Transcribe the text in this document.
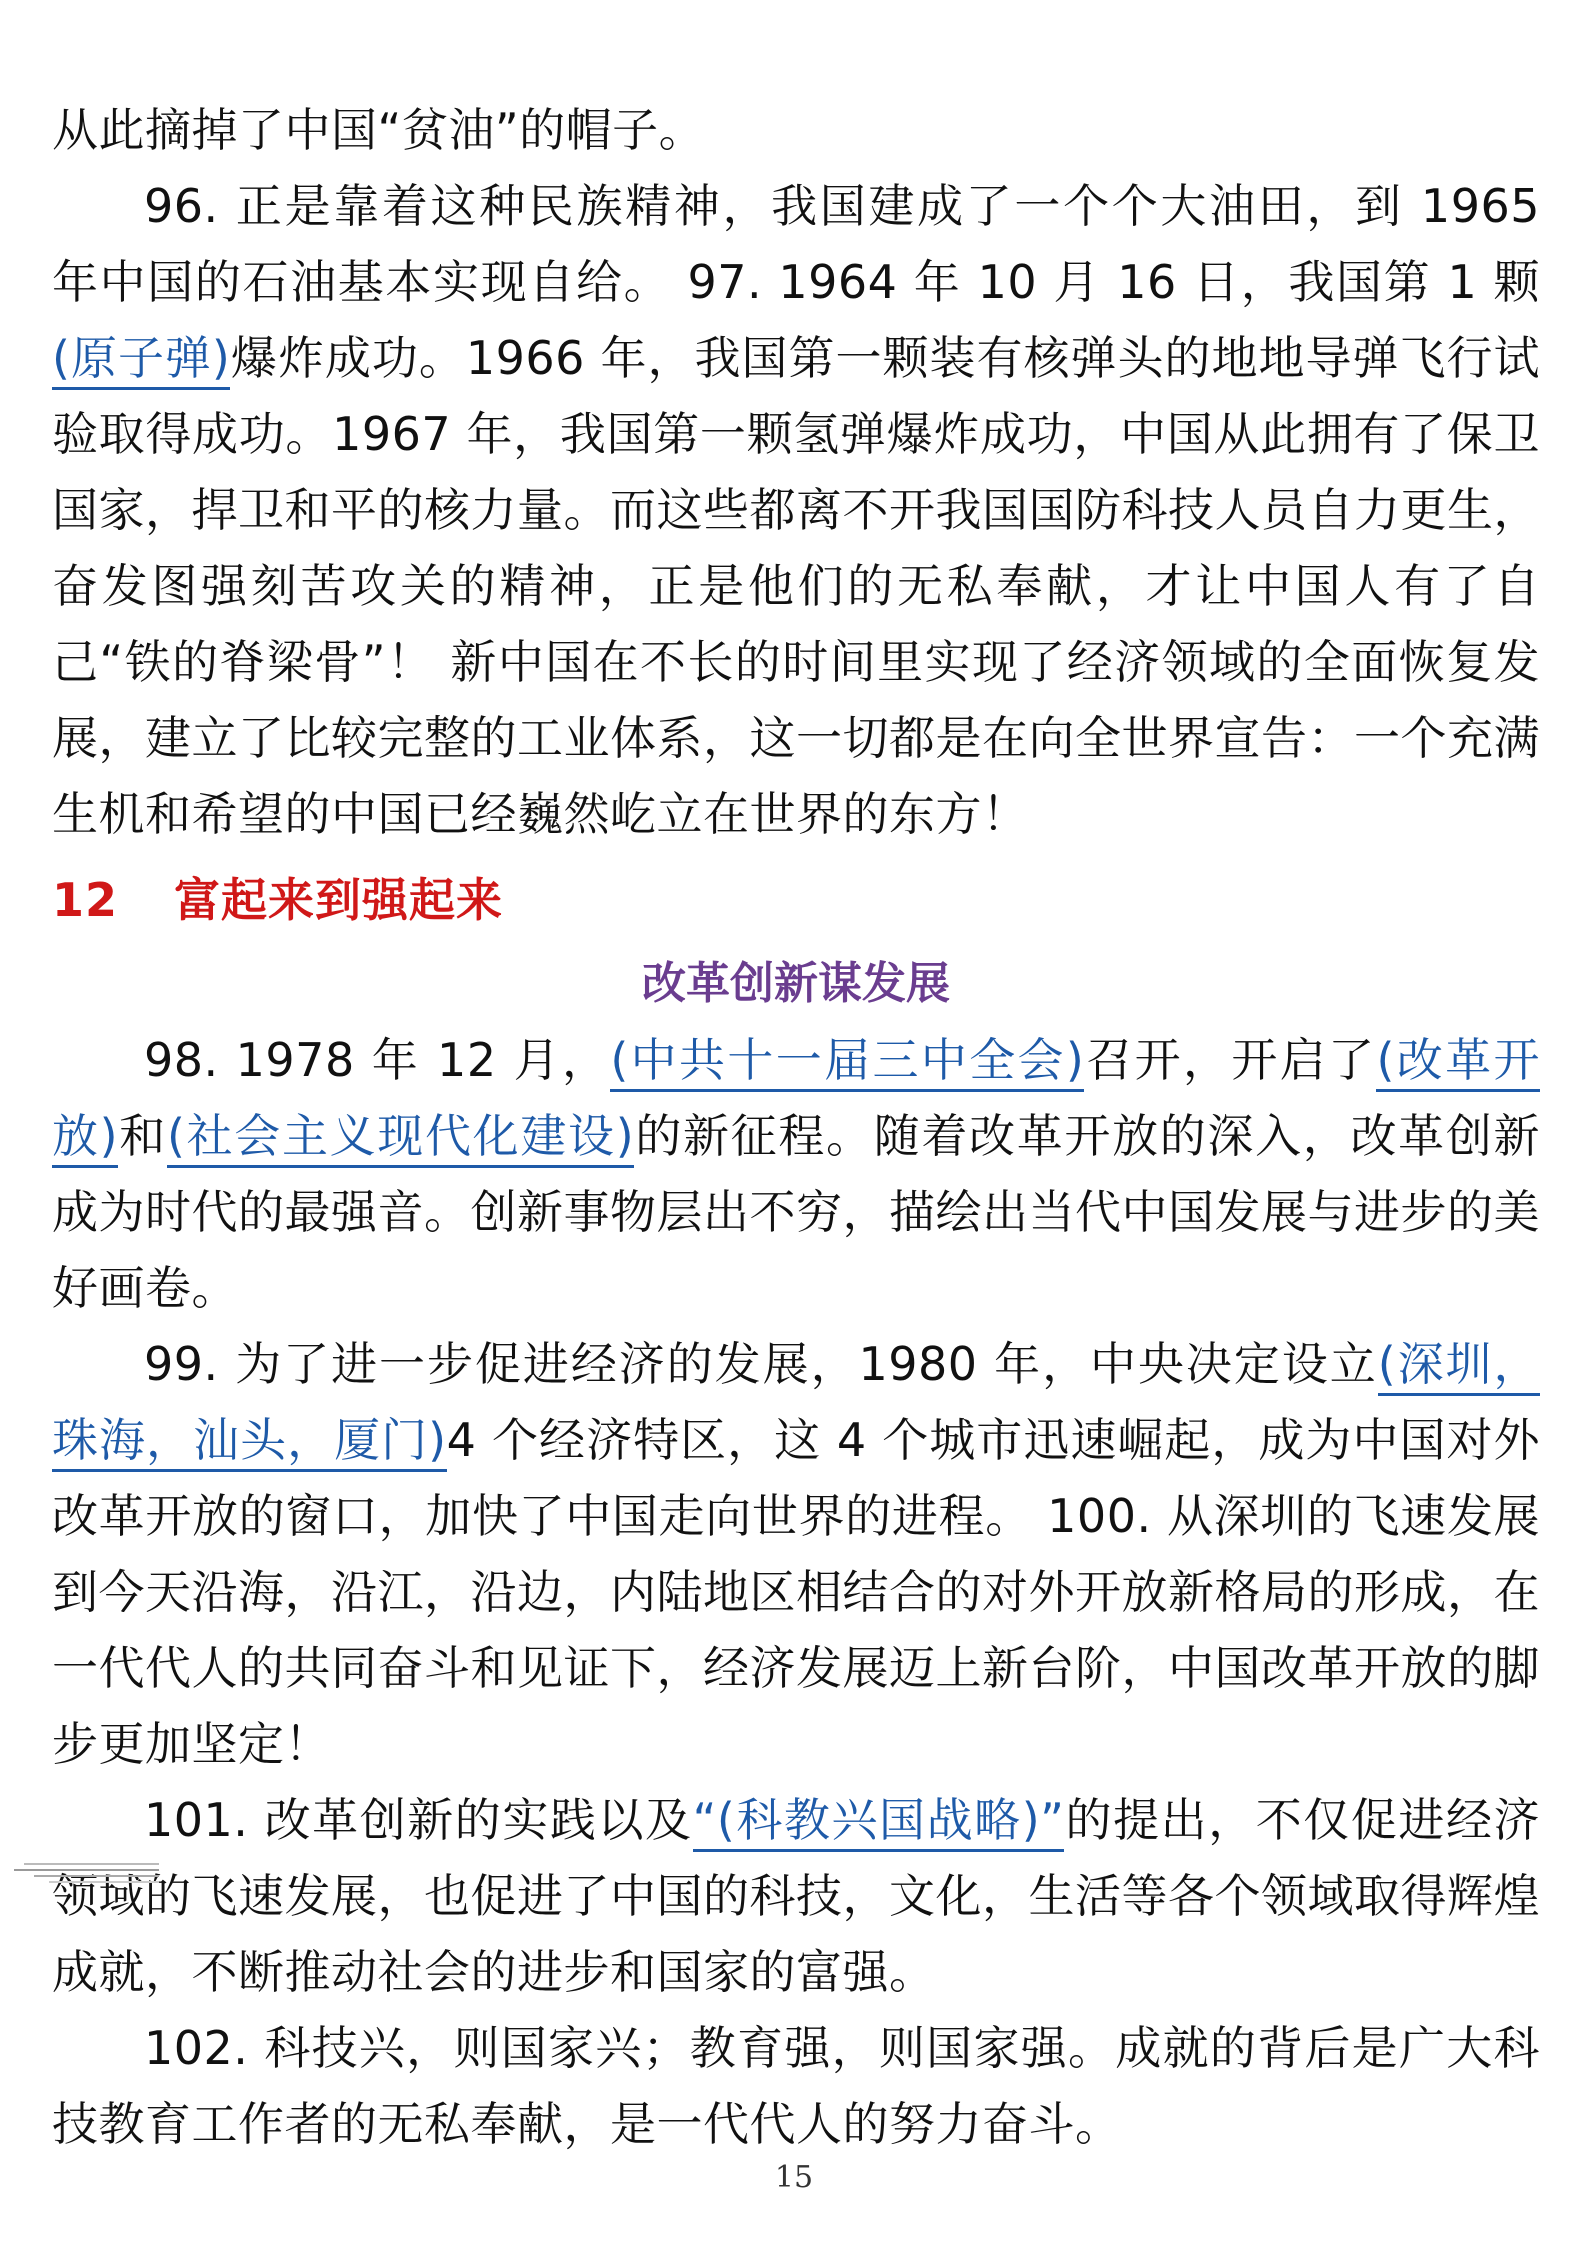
从此摘掉了中国“贫油”的帽子。

96. 正是靠着这种民族精神，我国建成了一个个大油田，到 1965 年中国的石油基本实现自给。 97. 1964 年 10 月 16 日，我国第 1 颗(原子弹)爆炸成功。1966 年，我国第一颗装有核弹头的地地导弹飞行试验取得成功。1967 年，我国第一颗氢弹爆炸成功，中国从此拥有了保卫国家，捍卫和平的核力量。而这些都离不开我国国防科技人员自力更生，奋发图强刻苦攻关的精神，正是他们的无私奉献，才让中国人有了自己“铁的脊梁骨”！ 新中国在不长的时间里实现了经济领域的全面恢复发展，建立了比较完整的工业体系，这一切都是在向全世界宣告：一个充满生机和希望的中国已经巍然屹立在世界的东方！

12 富起来到强起来
改革创新谋发展

98. 1978 年 12 月，(中共十一届三中全会)召开，开启了(改革开放)和(社会主义现代化建设)的新征程。随着改革开放的深入，改革创新成为时代的最强音。创新事物层出不穷，描绘出当代中国发展与进步的美好画卷。

99. 为了进一步促进经济的发展，1980 年，中央决定设立(深圳，珠海，汕头，厦门)4 个经济特区，这 4 个城市迅速崛起，成为中国对外改革开放的窗口，加快了中国走向世界的进程。 100. 从深圳的飞速发展到今天沿海，沿江，沿边，内陆地区相结合的对外开放新格局的形成，在一代代人的共同奋斗和见证下，经济发展迈上新台阶，中国改革开放的脚步更加坚定！

101. 改革创新的实践以及“(科教兴国战略)”的提出，不仅促进经济领域的飞速发展，也促进了中国的科技，文化，生活等各个领域取得辉煌成就，不断推动社会的进步和国家的富强。

102. 科技兴，则国家兴；教育强，则国家强。成就的背后是广大科技教育工作者的无私奉献，是一代代人的努力奋斗。

15
